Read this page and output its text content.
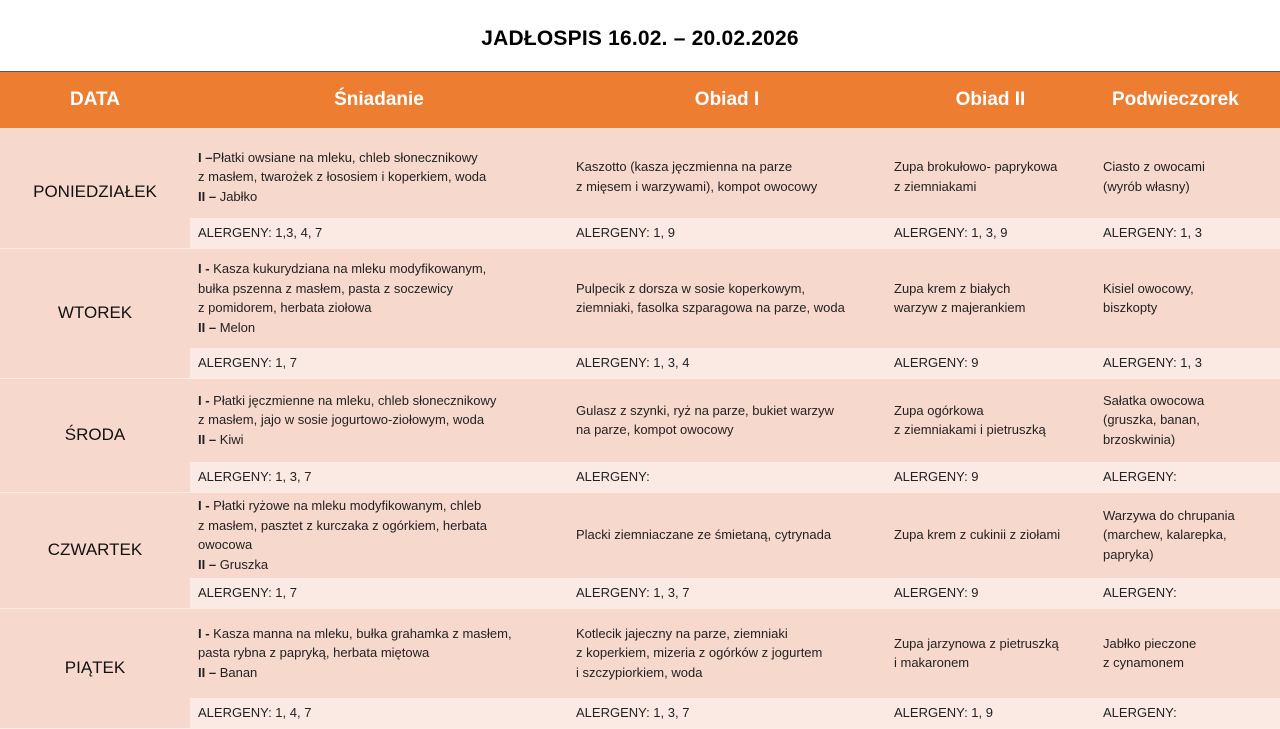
JADŁOSPIS 16.02. – 20.02.2026
DATA	Śniadanie	Obiad I	Obiad II	Podwieczorek

PONIEDZIAŁEK	I –Płatki owsiane na mleku, chleb słonecznikowy
z masłem, twarożek z łososiem i koperkiem, woda
II – Jabłko	Kaszotto (kasza jęczmienna na parze
z mięsem i warzywami), kompot owocowy	Zupa brokułowo- paprykowa
z ziemniakami	Ciasto z owocami
(wyrób własny)
	ALERGENY: 1,3, 4, 7	ALERGENY: 1, 9	ALERGENY: 1, 3, 9	ALERGENY: 1, 3
WTOREK	I - Kasza kukurydziana na mleku modyfikowanym,
bułka pszenna z masłem, pasta z soczewicy
z pomidorem, herbata ziołowa
II – Melon	Pulpecik z dorsza w sosie koperkowym,
ziemniaki, fasolka szparagowa na parze, woda	Zupa krem z białych
warzyw z majerankiem	Kisiel owocowy,
biszkopty
	ALERGENY: 1, 7	ALERGENY: 1, 3, 4	ALERGENY: 9	ALERGENY: 1, 3
ŚRODA	I - Płatki jęczmienne na mleku, chleb słonecznikowy
z masłem, jajo w sosie jogurtowo-ziołowym, woda
II – Kiwi	Gulasz z szynki, ryż na parze, bukiet warzyw
na parze, kompot owocowy	Zupa ogórkowa
z ziemniakami i pietruszką	Sałatka owocowa
(gruszka, banan,
brzoskwinia)
	ALERGENY: 1, 3, 7	ALERGENY:	ALERGENY: 9	ALERGENY:
CZWARTEK	I - Płatki ryżowe na mleku modyfikowanym, chleb
z masłem, pasztet z kurczaka z ogórkiem, herbata
owocowa
II – Gruszka	Placki ziemniaczane ze śmietaną, cytrynada	Zupa krem z cukinii z ziołami	Warzywa do chrupania
(marchew, kalarepka,
papryka)
	ALERGENY: 1, 7	ALERGENY: 1, 3, 7	ALERGENY: 9	ALERGENY:
PIĄTEK	I - Kasza manna na mleku, bułka grahamka z masłem,
pasta rybna z papryką, herbata miętowa
II – Banan	Kotlecik jajeczny na parze, ziemniaki
z koperkiem, mizeria z ogórków z jogurtem
i szczypiorkiem, woda	Zupa jarzynowa z pietruszką
i makaronem	Jabłko pieczone
z cynamonem
	ALERGENY: 1, 4, 7	ALERGENY: 1, 3, 7	ALERGENY: 1, 9	ALERGENY:
